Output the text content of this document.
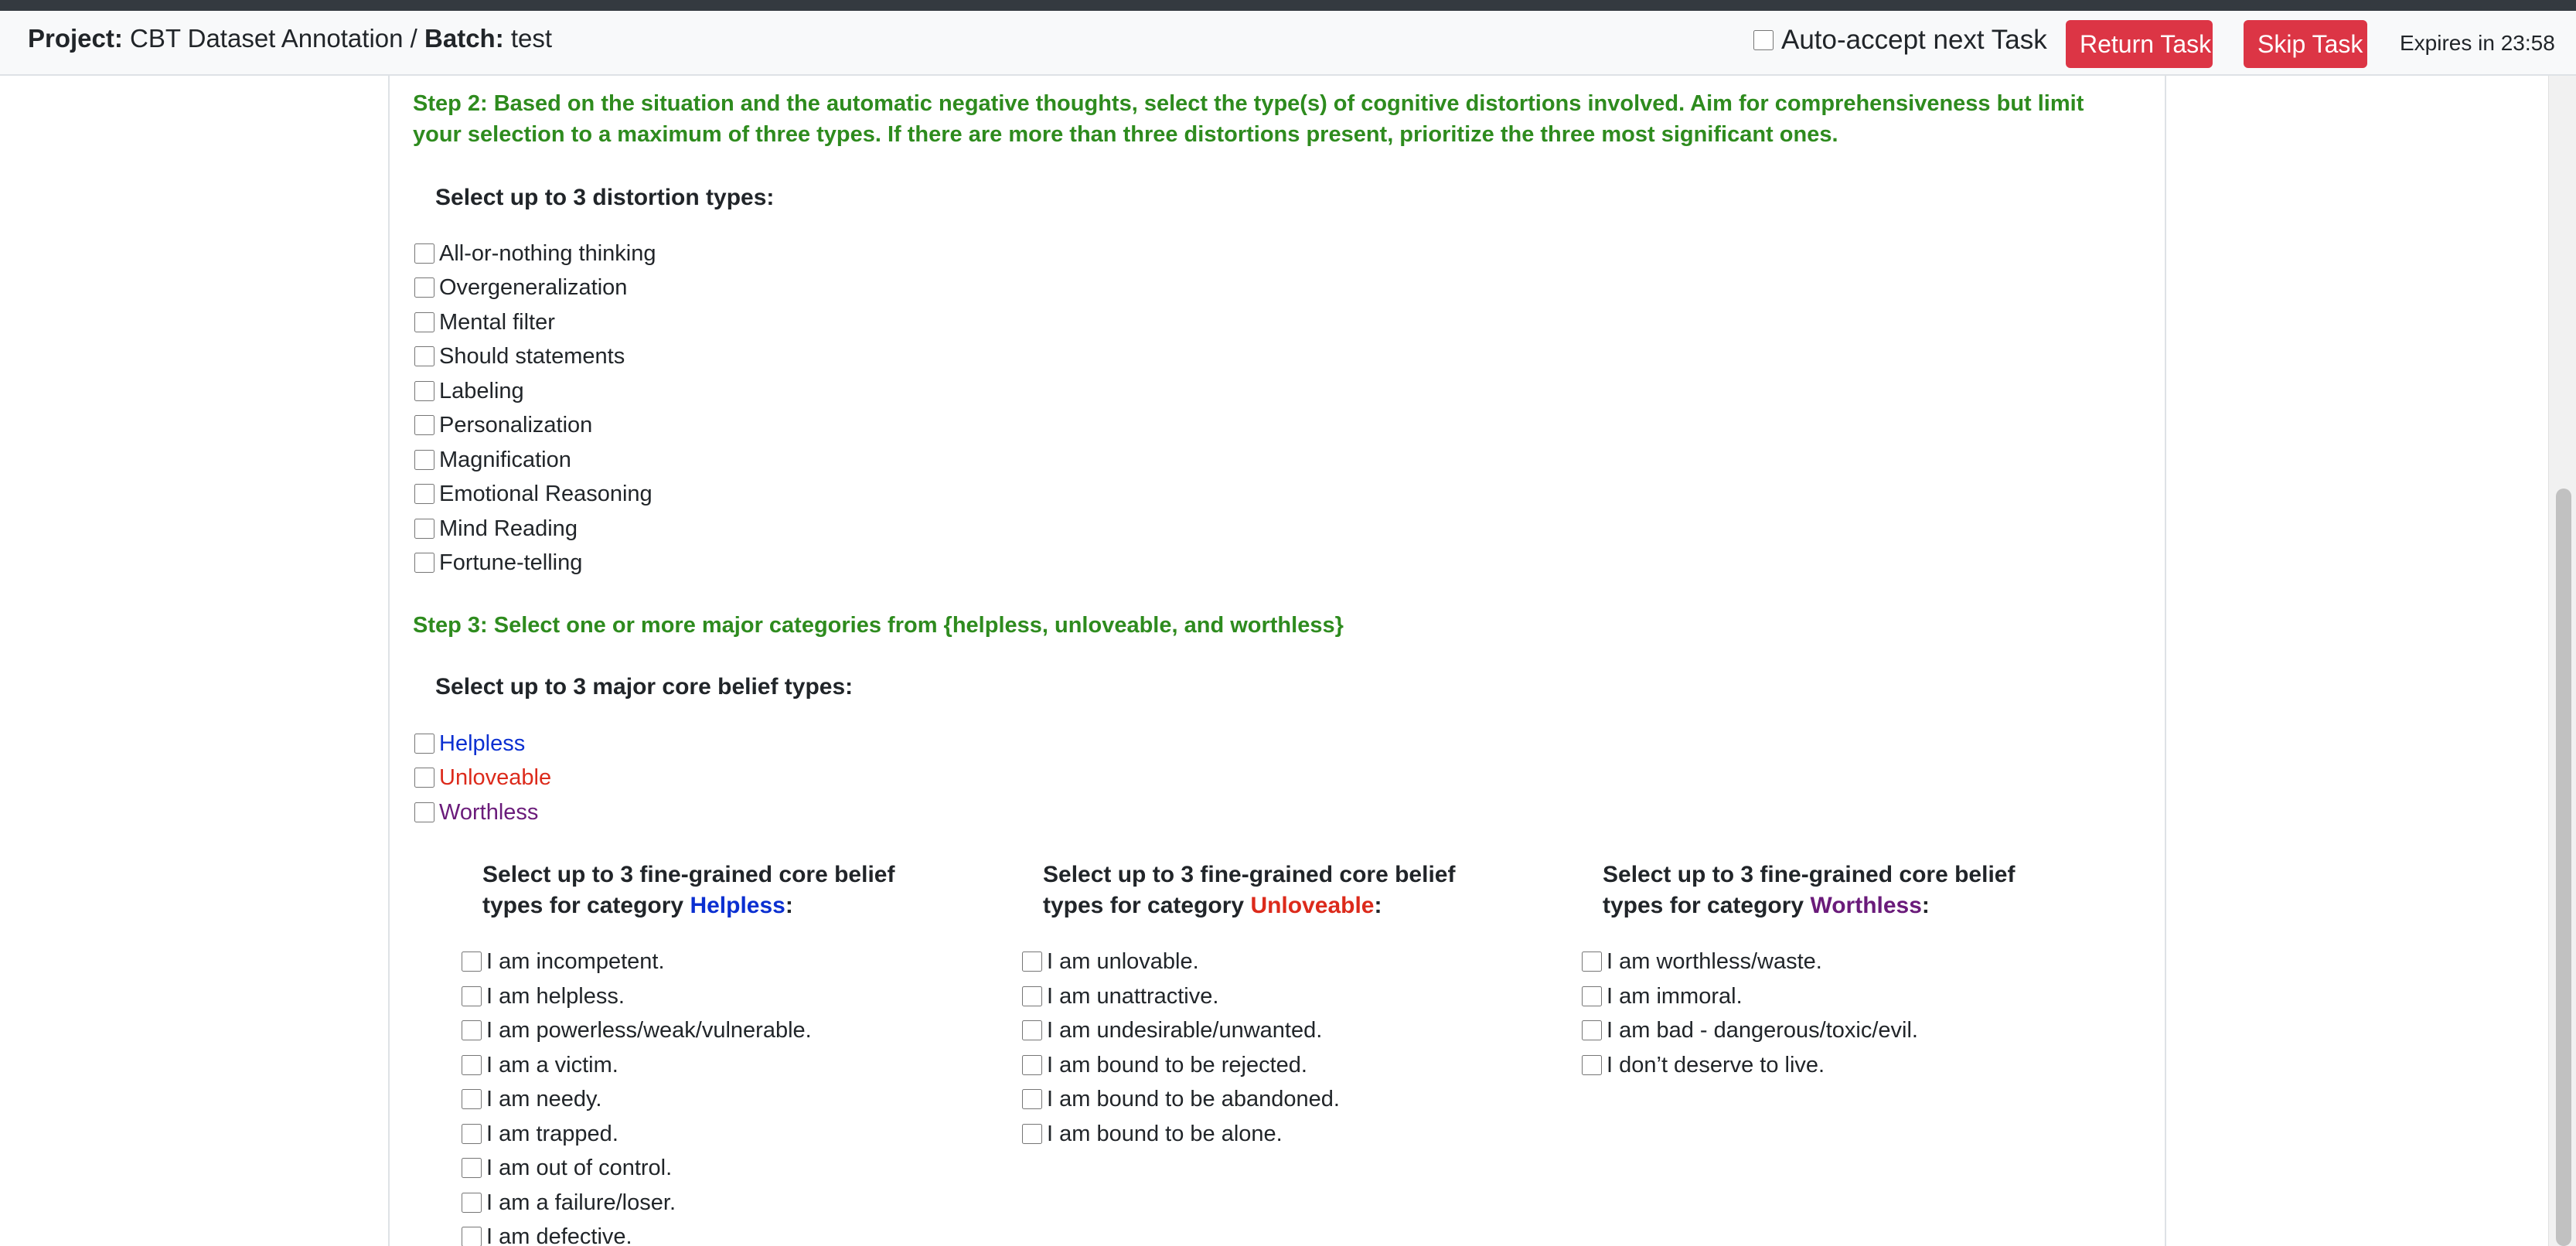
Project: CBT Dataset Annotation / Batch: test	Auto-accept next Task	Return Task	Skip Task Expires in 23:58
Step 2: Based on the situation and the automatic negative thoughts, select the type(s) of cognitive distortions involved. Aim for comprehensiveness but limit your selection to a maximum of three types. If there are more than three distortions present, prioritize the three most significant ones.
Select up to 3 distortion types:
All-or-nothing thinking
Overgeneralization
Mental filter
Should statements
Labeling
Personalization
Magnification
Emotional Reasoning
Mind Reading
Fortune-telling
Step 3: Select one or more major categories from {helpless, unloveable, and worthless}
Select up to 3 major core belief types:
Helpless
Unloveable
Worthless
Select up to 3 fine-grained core belief types for category Helpless:
I am incompetent.
I am helpless.
I am powerless/weak/vulnerable.
I am a victim.
I am needy.
I am trapped.
I am out of control.
I am a failure/loser.
I am defective.
Select up to 3 fine-grained core belief types for category Unloveable:
I am unlovable.
I am unattractive.
I am undesirable/unwanted.
I am bound to be rejected.
I am bound to be abandoned.
I am bound to be alone.
Select up to 3 fine-grained core belief types for category Worthless:
I am worthless/waste.
I am immoral.
I am bad - dangerous/toxic/evil.
I don’t deserve to live.
